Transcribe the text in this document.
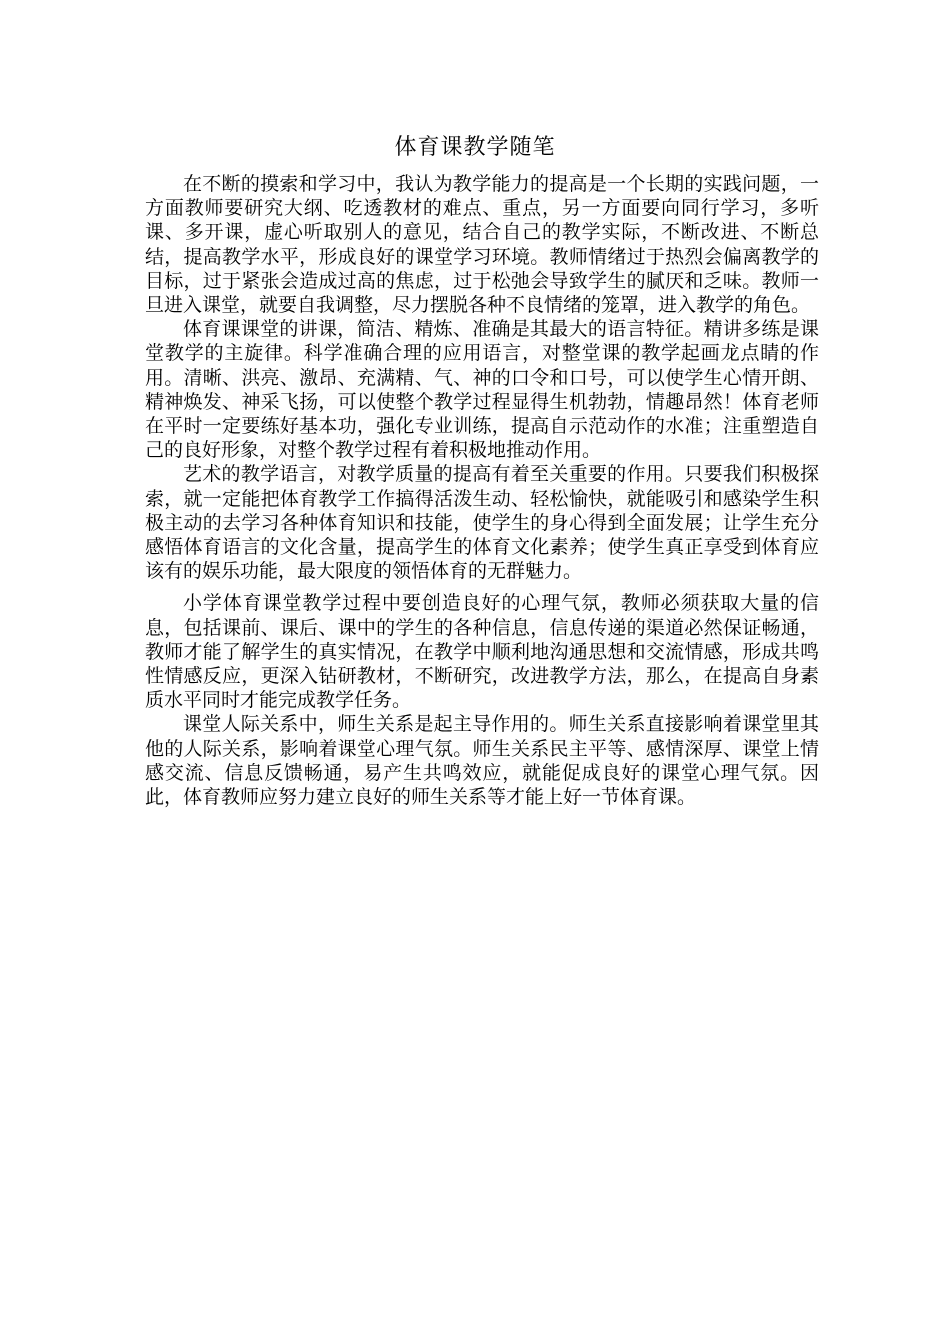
体育课教学随笔

在不断的摸索和学习中，我认为教学能力的提高是一个长期的实践问题，一方面教师要研究大纲、吃透教材的难点、重点，另一方面要向同行学习，多听课、多开课，虚心听取别人的意见，结合自己的教学实际，不断改进、不断总结，提高教学水平，形成良好的课堂学习环境。教师情绪过于热烈会偏离教学的目标，过于紧张会造成过高的焦虑，过于松弛会导致学生的腻厌和乏味。教师一旦进入课堂，就要自我调整，尽力摆脱各种不良情绪的笼罩，进入教学的角色。

体育课课堂的讲课，简洁、精炼、准确是其最大的语言特征。精讲多练是课堂教学的主旋律。科学准确合理的应用语言，对整堂课的教学起画龙点睛的作用。清晰、洪亮、激昂、充满精、气、神的口令和口号，可以使学生心情开朗、精神焕发、神采飞扬，可以使整个教学过程显得生机勃勃，情趣昂然！体育老师在平时一定要练好基本功，强化专业训练，提高自示范动作的水准；注重塑造自己的良好形象，对整个教学过程有着积极地推动作用。

艺术的教学语言，对教学质量的提高有着至关重要的作用。只要我们积极探索，就一定能把体育教学工作搞得活泼生动、轻松愉快，就能吸引和感染学生积极主动的去学习各种体育知识和技能，使学生的身心得到全面发展；让学生充分感悟体育语言的文化含量，提高学生的体育文化素养；使学生真正享受到体育应该有的娱乐功能，最大限度的领悟体育的无群魅力。

小学体育课堂教学过程中要创造良好的心理气氛，教师必须获取大量的信息，包括课前、课后、课中的学生的各种信息，信息传递的渠道必然保证畅通，教师才能了解学生的真实情况，在教学中顺利地沟通思想和交流情感，形成共鸣性情感反应，更深入钻研教材，不断研究，改进教学方法，那么，在提高自身素质水平同时才能完成教学任务。

课堂人际关系中，师生关系是起主导作用的。师生关系直接影响着课堂里其他的人际关系，影响着课堂心理气氛。师生关系民主平等、感情深厚、课堂上情感交流、信息反馈畅通，易产生共鸣效应，就能促成良好的课堂心理气氛。因此，体育教师应努力建立良好的师生关系等才能上好一节体育课。
